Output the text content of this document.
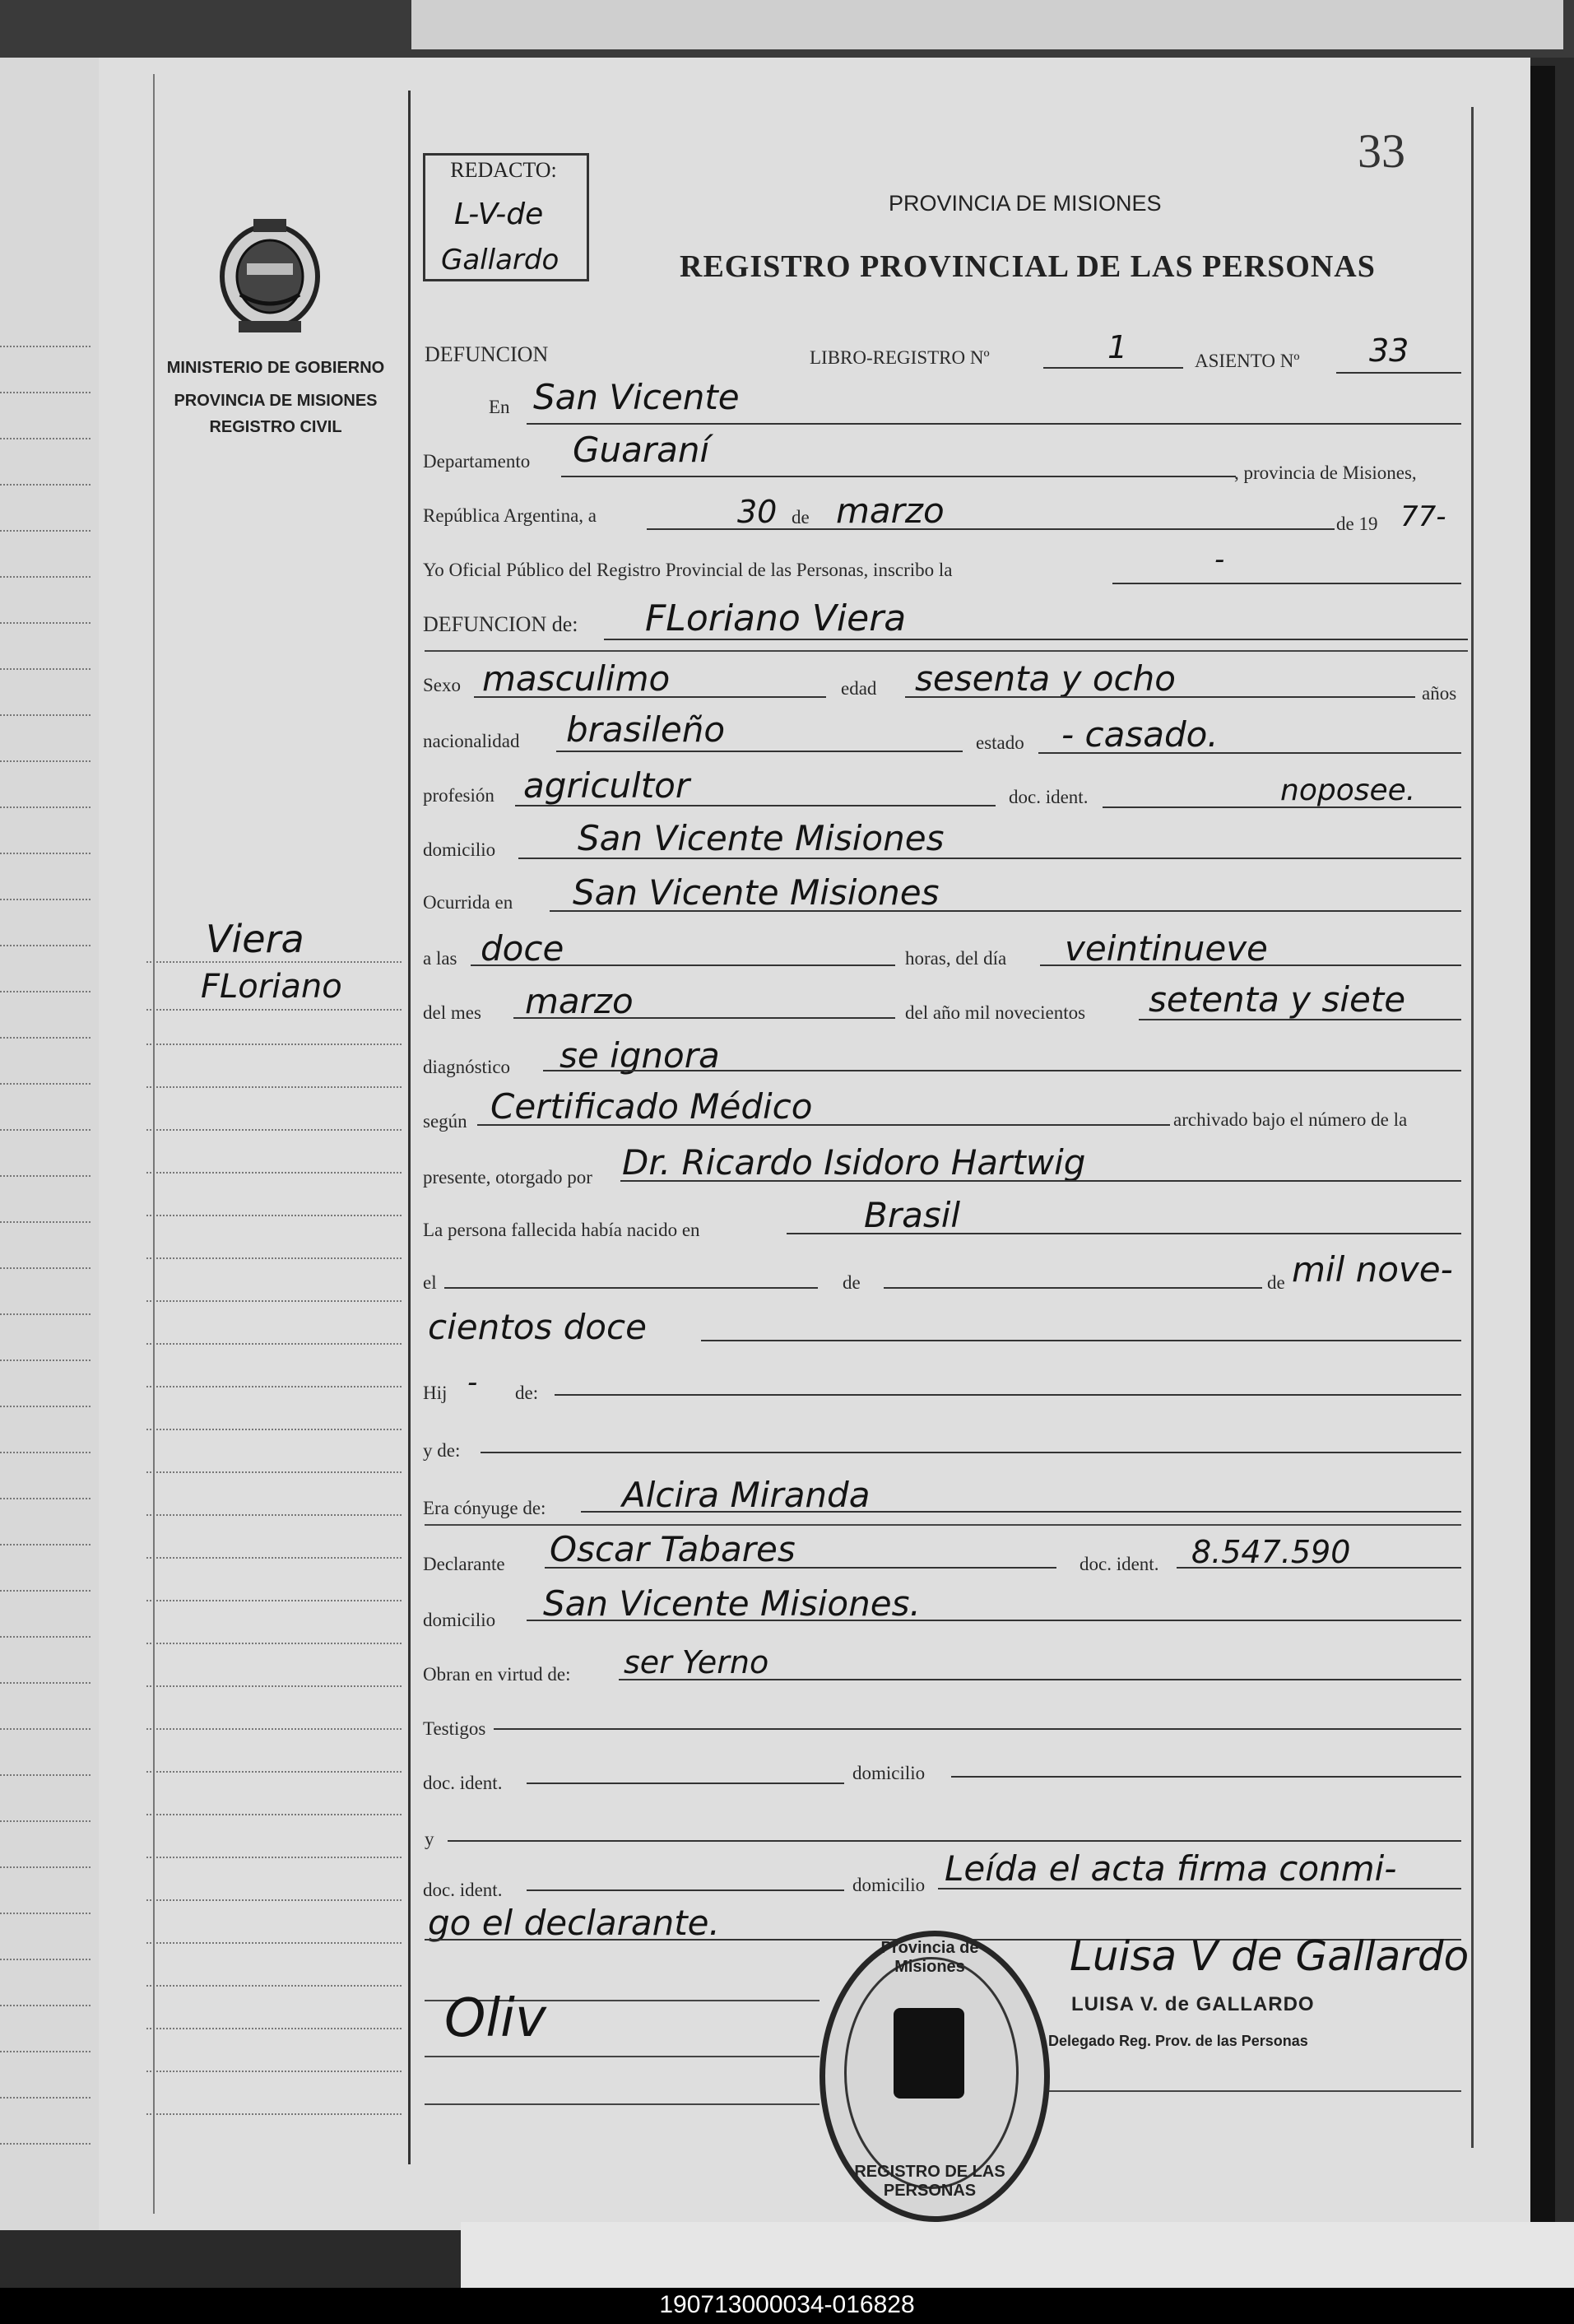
MINISTERIO DE GOBIERNO
PROVINCIA DE MISIONES
REGISTRO CIVIL
Viera
FLoriano
REDACTO:
L-V-de
Gallardo
33
PROVINCIA DE MISIONES
REGISTRO PROVINCIAL DE LAS PERSONAS
DEFUNCION	LIBRO-REGISTRO Nº	1	ASIENTO Nº 33
En San Vicente
Departamento Guaraní
, provincia de Misiones,
República Argentina, a	30 de marzo	de 19 77-
Yo Oficial Público del Registro Provincial de las Personas, inscribo la	-
DEFUNCION de: FLoriano Viera
Sexo masculimo	edad sesenta y ocho	años
nacionalidad brasileño	estado - casado.
profesión agricultor	doc. ident.	noposee.
domicilio San Vicente Misiones
Ocurrida en San Vicente Misiones
a las doce	horas, del día veintinueve
del mes marzo	del año mil novecientos setenta y siete
diagnóstico se ignora
según Certificado Médico	archivado bajo el número de la
presente, otorgado por Dr. Ricardo Isidoro Hartwig
La persona fallecida había nacido en	Brasil
el	de	de mil nove-
cientos doce
Hij - de:
y de:
Era cónyuge de: Alcira Miranda
Declarante Oscar Tabares	doc. ident. 8.547.590
domicilio San Vicente Misiones.
Obran en virtud de: ser Yerno
Testigos
doc. ident.	domicilio
y
doc. ident.	domicilio Leída el acta firma conmi-
go el declarante.
Oliv
Provincia de Misiones
REGISTRO DE LAS PERSONAS
Luisa V de Gallardo
LUISA V. de GALLARDO
Delegado Reg. Prov. de las Personas
190713000034-016828
